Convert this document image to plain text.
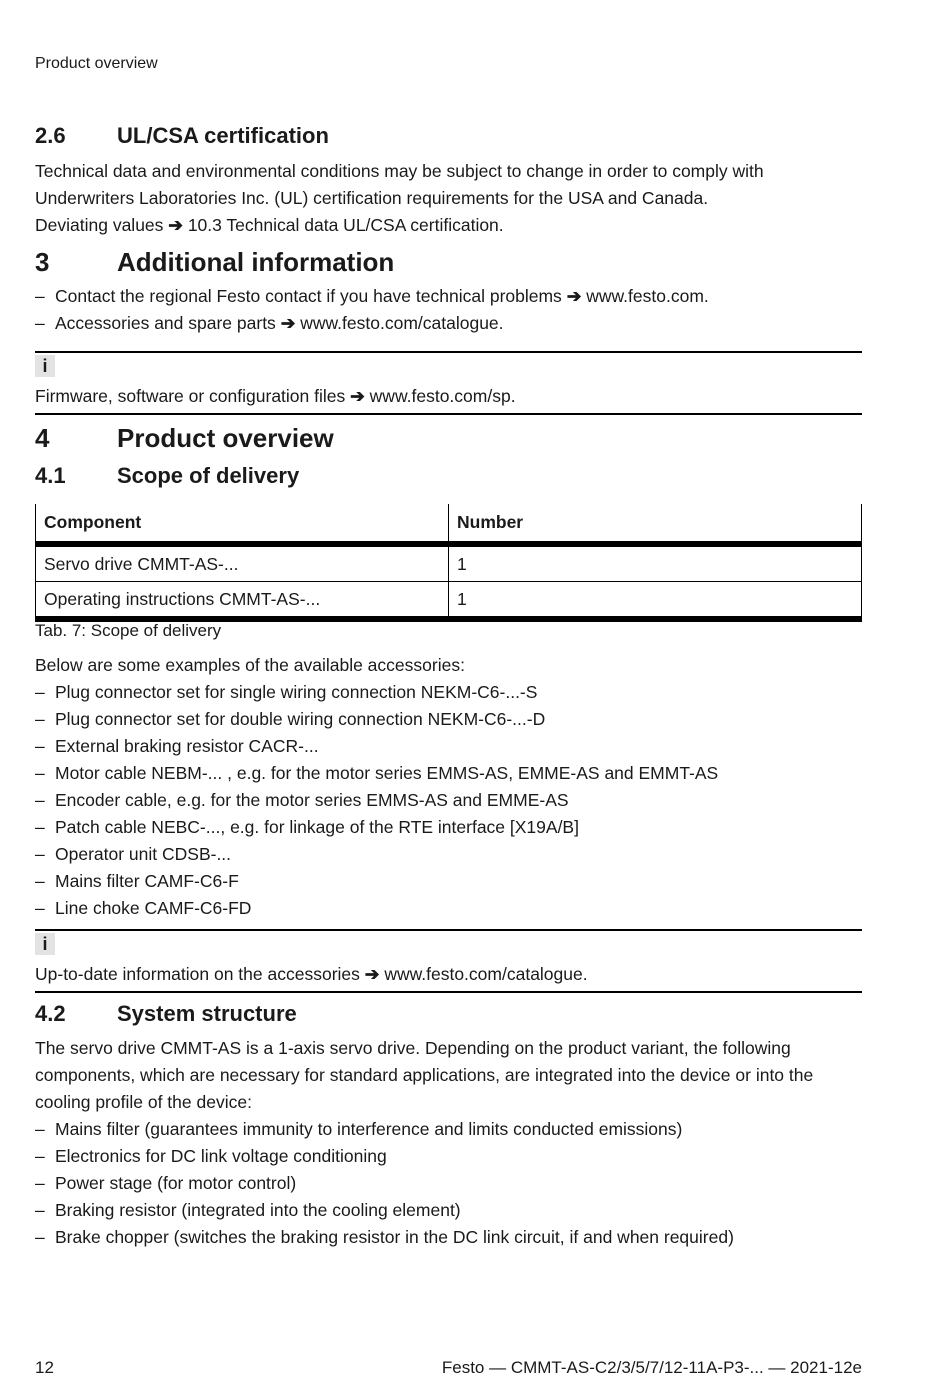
Product overview
2.6	UL/CSA certification

Technical data and environmental conditions may be subject to change in order to comply with

Underwriters Laboratories Inc. (UL) certification requirements for the USA and Canada.

Deviating values ➔ 10.3 Technical data UL/CSA certification.

3	Additional information
– Contact the regional Festo contact if you have technical problems ➔ www.festo.com.
– Accessories and spare parts ➔ www.festo.com/catalogue.
i

Firmware, software or configuration files ➔ www.festo.com/sp.

4	Product overview
4.1	Scope of delivery
Component	Number
Servo drive CMMT-AS-...	1
Operating instructions CMMT-AS-...	1
Tab. 7: Scope of delivery

Below are some examples of the available accessories:

– Plug connector set for single wiring connection NEKM-C6-...-S
– Plug connector set for double wiring connection NEKM-C6-...-D
– External braking resistor CACR-...
– Motor cable NEBM-... , e.g. for the motor series EMMS-AS, EMME-AS and EMMT-AS
– Encoder cable, e.g. for the motor series EMMS-AS and EMME-AS
– Patch cable NEBC-..., e.g. for linkage of the RTE interface [X19A/B]
– Operator unit CDSB-...
– Mains filter CAMF-C6-F
– Line choke CAMF-C6-FD
i

Up-to-date information on the accessories ➔ www.festo.com/catalogue.

4.2	System structure

The servo drive CMMT-AS is a 1-axis servo drive. Depending on the product variant, the following

components, which are necessary for standard applications, are integrated into the device or into the

cooling profile of the device:

– Mains filter (guarantees immunity to interference and limits conducted emissions)
– Electronics for DC link voltage conditioning
– Power stage (for motor control)
– Braking resistor (integrated into the cooling element)
– Brake chopper (switches the braking resistor in the DC link circuit, if and when required)
12	Festo — CMMT-AS-C2/3/5/7/12-11A-P3-... — 2021-12e
